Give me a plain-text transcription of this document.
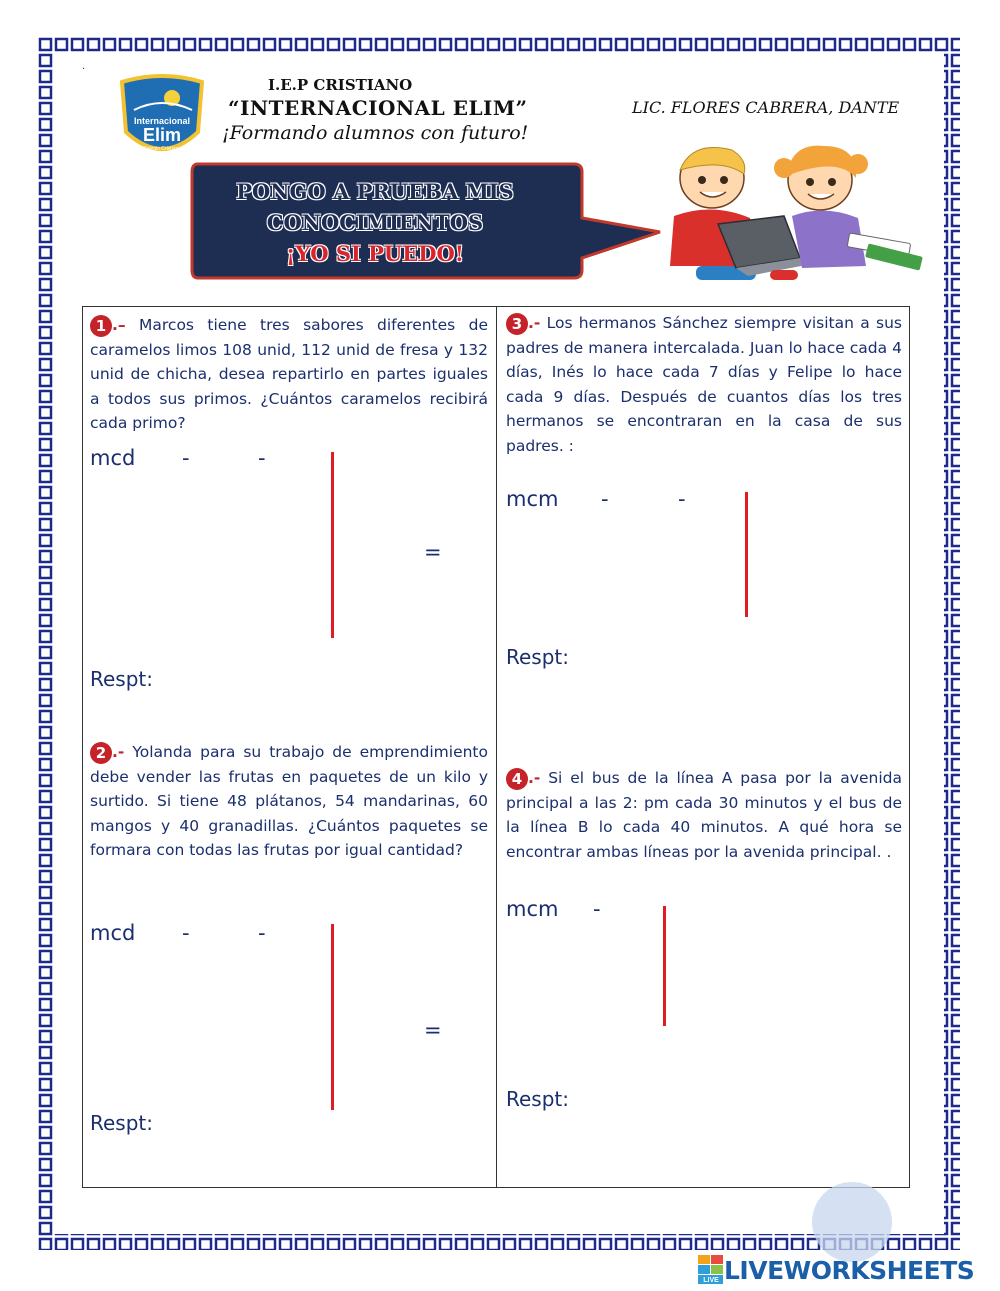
·
Internacional
Elim
Colegio Cristiano
I.E.P CRISTIANO
“INTERNACIONAL ELIM”
¡Formando alumnos con futuro!
LIC. FLORES CABRERA, DANTE
PONGO A PRUEBA MIS
CONOCIMIENTOS
¡YO SI PUEDO!
1 .– Marcos tiene tres sabores diferentes de caramelos limos 108 unid, 112 unid de fresa y 132 unid de chicha, desea repartirlo en partes iguales a todos sus primos. ¿Cuántos caramelos recibirá cada primo?
mcd -	-
=
Respt:
2 .- Yolanda para su trabajo de emprendimiento debe vender las frutas en paquetes de un kilo y surtido. Si tiene 48 plátanos, 54 mandarinas, 60 mangos y 40 granadillas. ¿Cuántos paquetes se formara con todas las frutas por igual cantidad?
mcd -	-
=
Respt:
3 .- Los hermanos Sánchez siempre visitan a sus padres de manera intercalada. Juan lo hace cada 4 días, Inés lo hace cada 7 días y Felipe lo hace cada 9 días. Después de cuantos días los tres hermanos se encontraran en la casa de sus padres. :
mcm -	-
Respt:
4 .- Si el bus de la línea A pasa por la avenida principal a las 2: pm cada 30 minutos y el bus de la línea B lo cada 40 minutos. A qué hora se encontrar ambas líneas por la avenida principal. .
mcm -
Respt:
LIVE LIVEWORKSHEETS
